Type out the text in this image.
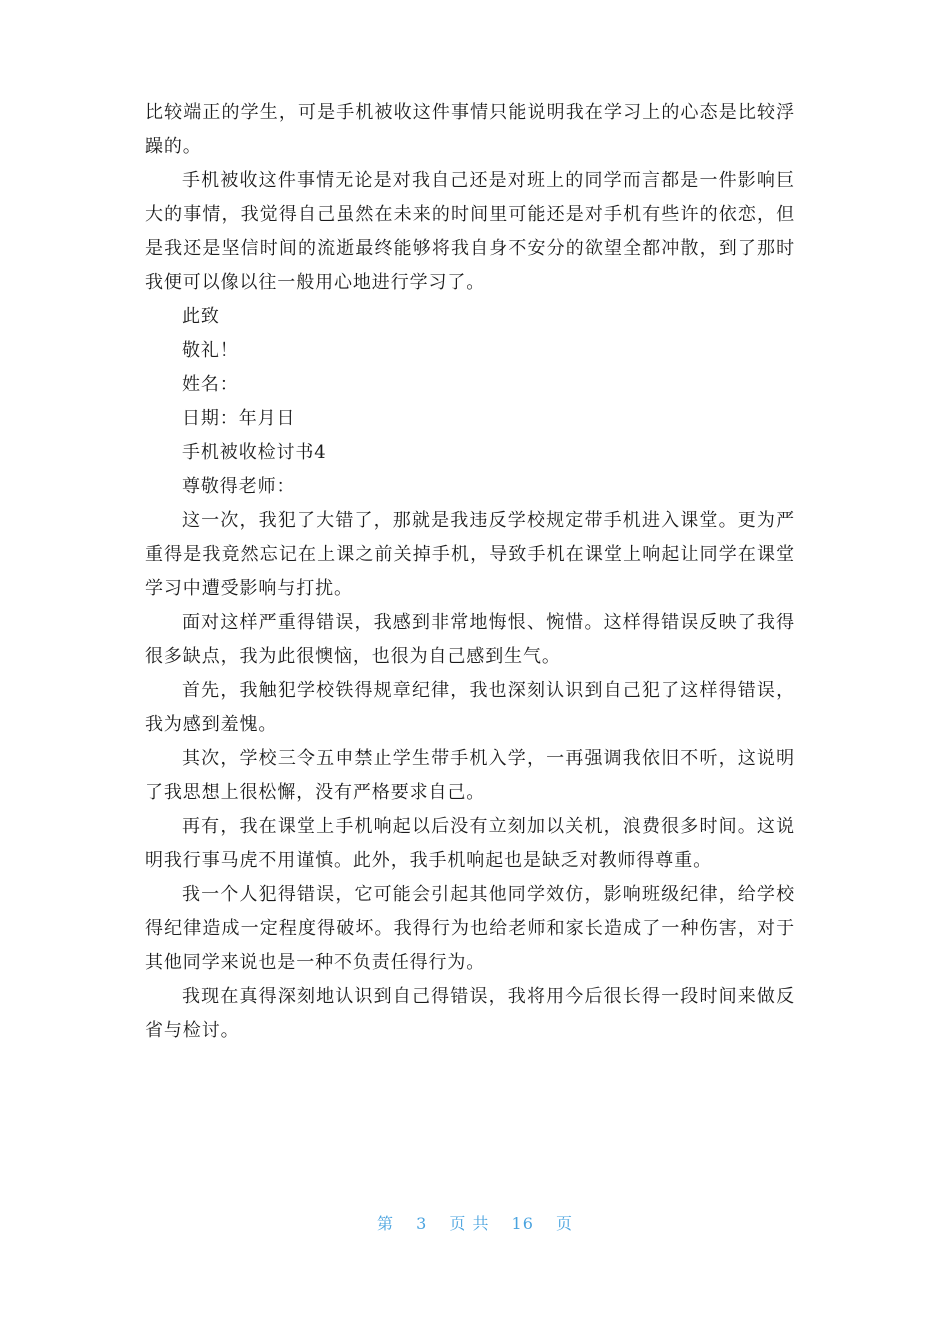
比较端正的学生，可是手机被收这件事情只能说明我在学习上的心态是比较浮躁的。

手机被收这件事情无论是对我自己还是对班上的同学而言都是一件影响巨大的事情，我觉得自己虽然在未来的时间里可能还是对手机有些许的依恋，但是我还是坚信时间的流逝最终能够将我自身不安分的欲望全都冲散，到了那时我便可以像以往一般用心地进行学习了。

此致

敬礼！

姓名：

日期：年月日

手机被收检讨书4

尊敬得老师：

这一次，我犯了大错了，那就是我违反学校规定带手机进入课堂。更为严重得是我竟然忘记在上课之前关掉手机，导致手机在课堂上响起让同学在课堂学习中遭受影响与打扰。

面对这样严重得错误，我感到非常地悔恨、惋惜。这样得错误反映了我得很多缺点，我为此很懊恼，也很为自己感到生气。

首先，我触犯学校铁得规章纪律，我也深刻认识到自己犯了这样得错误，我为感到羞愧。

其次，学校三令五申禁止学生带手机入学，一再强调我依旧不听，这说明了我思想上很松懈，没有严格要求自己。

再有，我在课堂上手机响起以后没有立刻加以关机，浪费很多时间。这说明我行事马虎不用谨慎。此外，我手机响起也是缺乏对教师得尊重。

我一个人犯得错误，它可能会引起其他同学效仿，影响班级纪律，给学校得纪律造成一定程度得破坏。我得行为也给老师和家长造成了一种伤害，对于其他同学来说也是一种不负责任得行为。

我现在真得深刻地认识到自己得错误，我将用今后很长得一段时间来做反省与检讨。

第 3 页 共 16 页
